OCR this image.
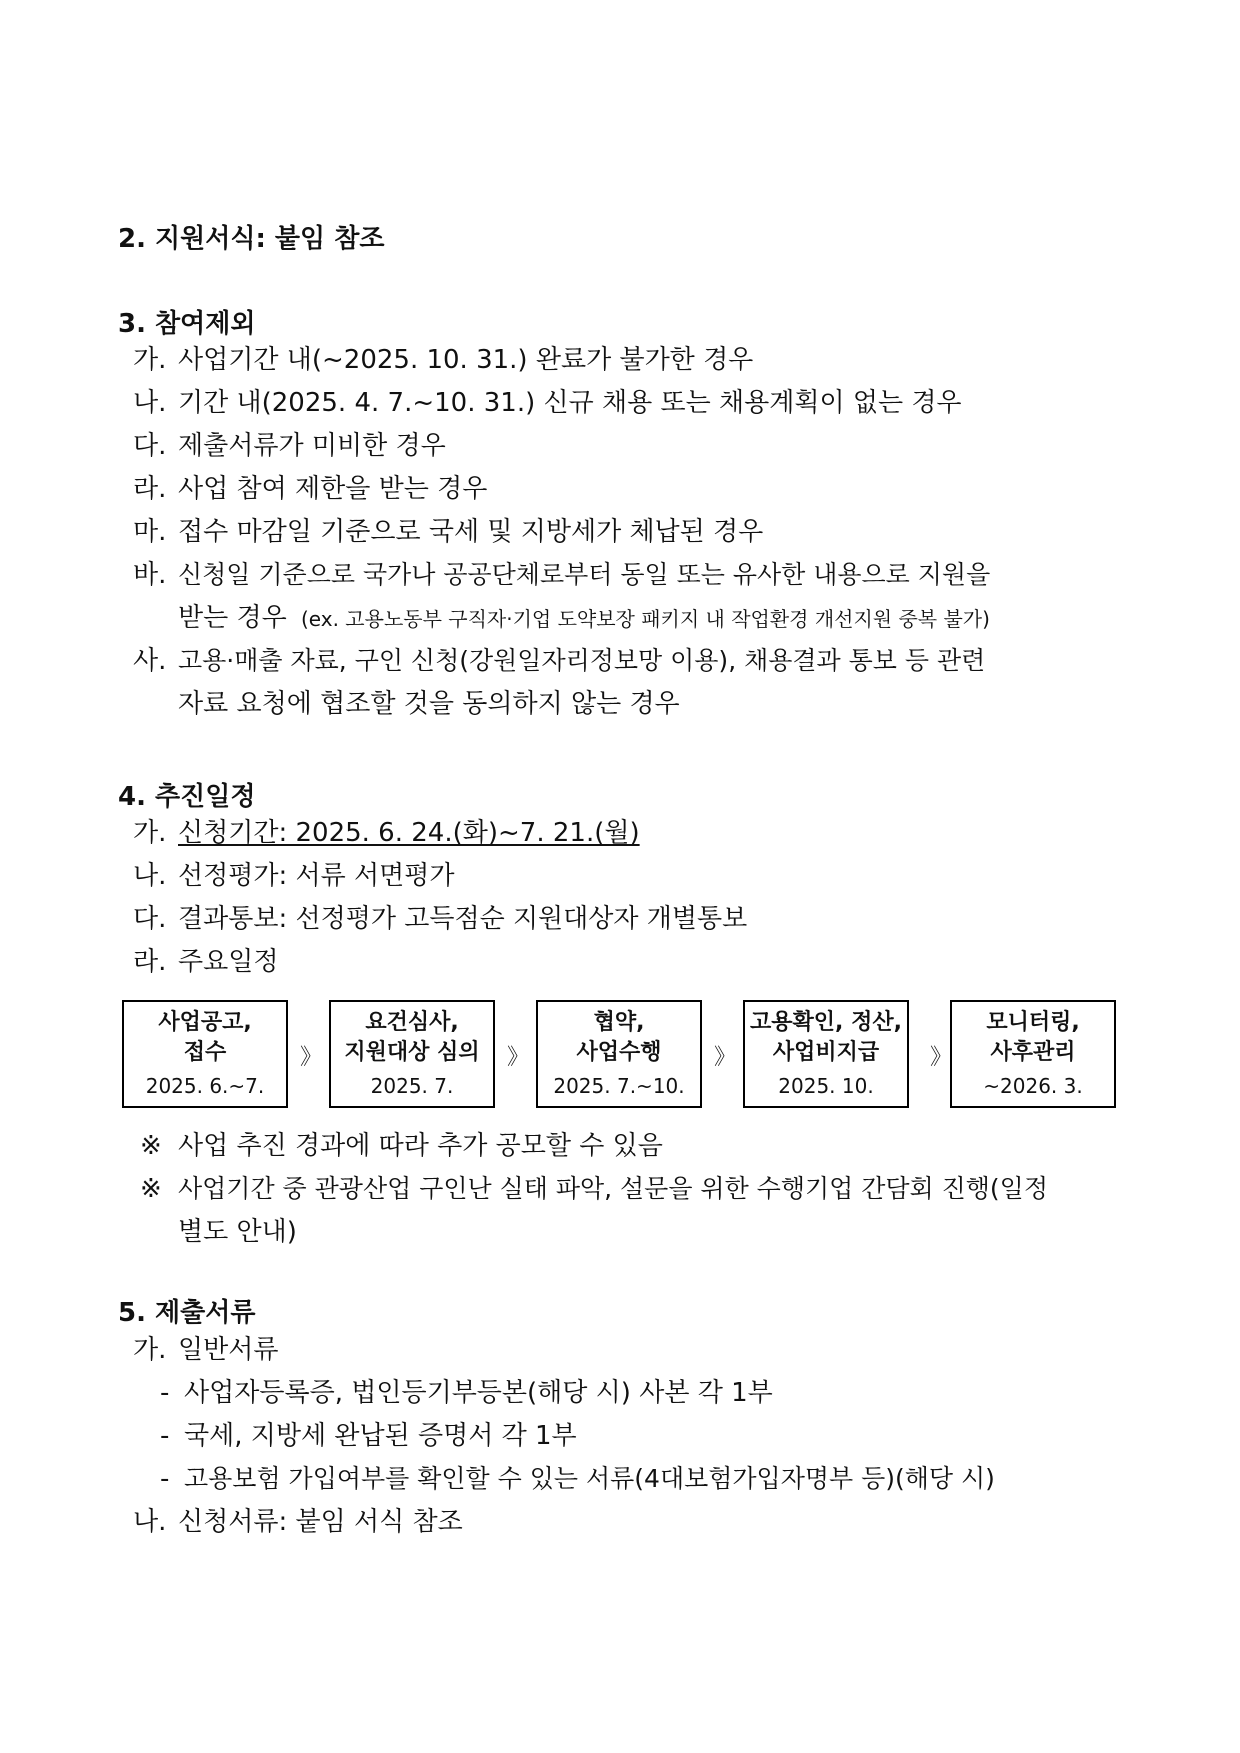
2. 지원서식: 붙임 참조
3. 참여제외
가. 사업기간 내(~2025. 10. 31.) 완료가 불가한 경우
나. 기간 내(2025. 4. 7.~10. 31.) 신규 채용 또는 채용계획이 없는 경우
다. 제출서류가 미비한 경우
라. 사업 참여 제한을 받는 경우
마. 접수 마감일 기준으로 국세 및 지방세가 체납된 경우
바. 신청일 기준으로 국가나 공공단체로부터 동일 또는 유사한 내용으로 지원을
받는 경우 (ex. 고용노동부 구직자·기업 도약보장 패키지 내 작업환경 개선지원 중복 불가)
사. 고용·매출 자료, 구인 신청(강원일자리정보망 이용), 채용결과 통보 등 관련
자료 요청에 협조할 것을 동의하지 않는 경우
4. 추진일정
가. 신청기간: 2025. 6. 24.(화)~7. 21.(월)
나. 선정평가: 서류 서면평가
다. 결과통보: 선정평가 고득점순 지원대상자 개별통보
라. 주요일정
사업공고,
접수
2025. 6.~7.
》
요건심사,
지원대상 심의
2025. 7.
》
협약,
사업수행
2025. 7.~10.
》
고용확인, 정산,
사업비지급
2025. 10.
》
모니터링,
사후관리
~2026. 3.
※ 사업 추진 경과에 따라 추가 공모할 수 있음
※ 사업기간 중 관광산업 구인난 실태 파악, 설문을 위한 수행기업 간담회 진행(일정
별도 안내)
5. 제출서류
가. 일반서류
- 사업자등록증, 법인등기부등본(해당 시) 사본 각 1부
- 국세, 지방세 완납된 증명서 각 1부
- 고용보험 가입여부를 확인할 수 있는 서류(4대보험가입자명부 등)(해당 시)
나. 신청서류: 붙임 서식 참조
